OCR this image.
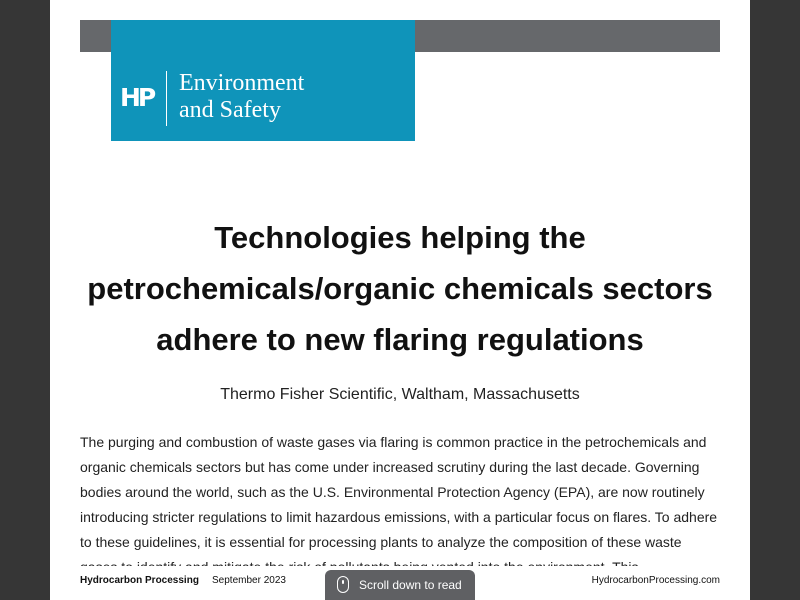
HP Environment
and Safety
Technologies helping the
petrochemicals/organic chemicals sectors
adhere to new flaring regulations
Thermo Fisher Scientific, Waltham, Massachusetts

The purging and combustion of waste gases via flaring is common practice in the petrochemicals and organic chemicals sectors but has come under increased scrutiny during the last decade. Governing bodies around the world, such as the U.S. Environmental Protection Agency (EPA), are now routinely introducing stricter regulations to limit hazardous emissions, with a particular focus on flares. To adhere to these guidelines, it is essential for processing plants to analyze the composition of these waste

Hydrocarbon Processing September 2023	HydrocarbonProcessing.com
Scroll down to read
